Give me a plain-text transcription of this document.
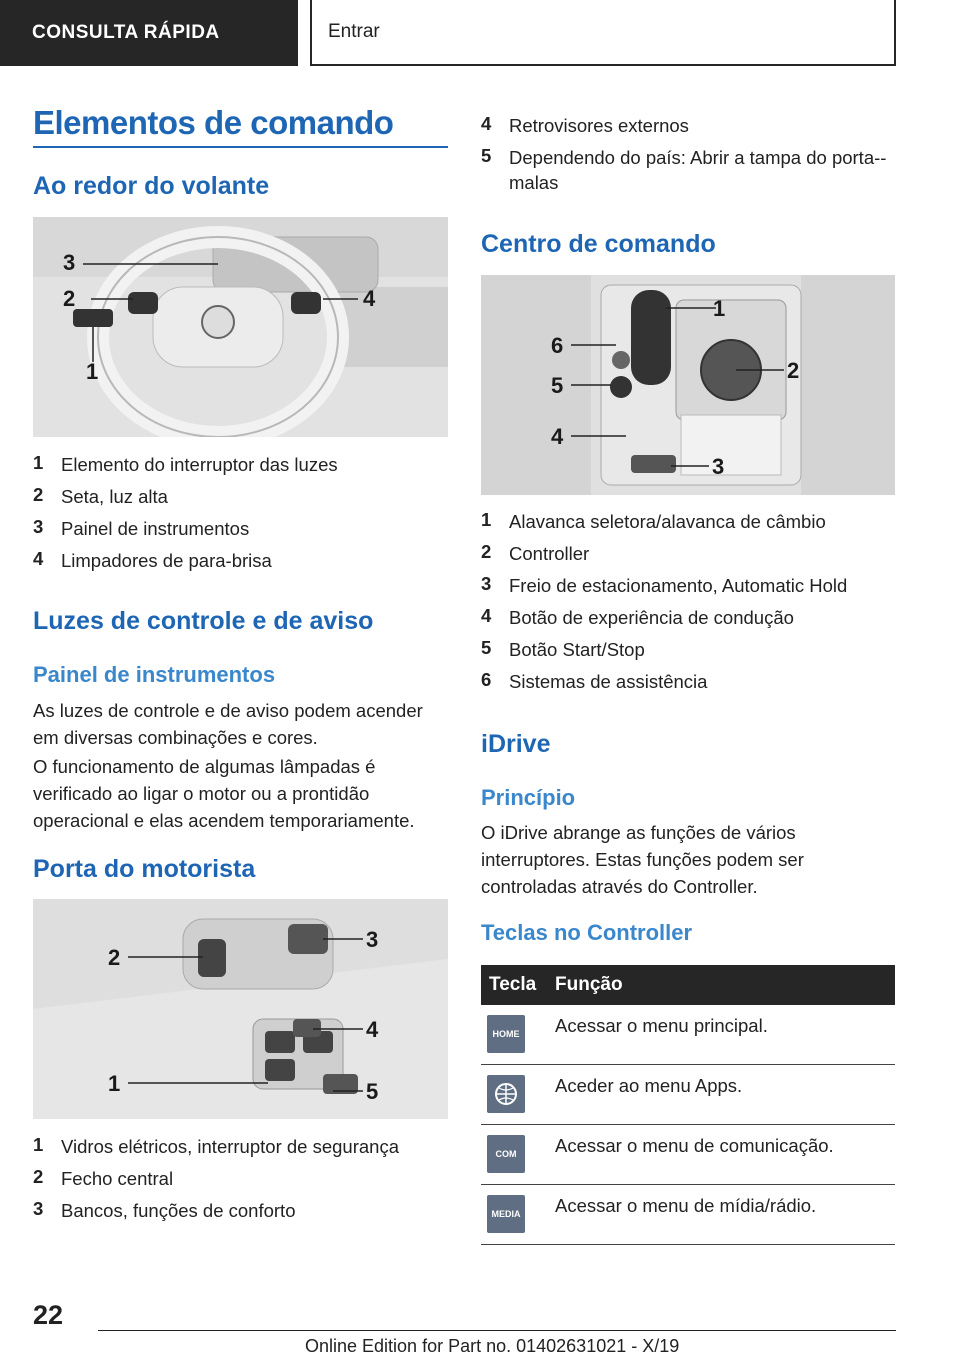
CONSULTA RÁPIDA	Entrar
Elementos de comando
Ao redor do volante
3
2	4
1
1 Elemento do interruptor das luzes
2 Seta, luz alta
3 Painel de instrumentos
4 Limpadores de para-brisa
Luzes de controle e de aviso
Painel de instrumentos

As luzes de controle e de aviso podem acender em diversas combinações e cores.

O funcionamento de algumas lâmpadas é verificado ao ligar o motor ou a prontidão operacional e elas acendem temporariamente.

Porta do motorista
2
3
4
1	5
1 Vidros elétricos, interruptor de segurança
2 Fecho central
3 Bancos, funções de conforto
4 Retrovisores externos
5 Dependendo do país: Abrir a tampa do porta--malas
Centro de comando
1
6
5
2
4
3
1 Alavanca seletora/alavanca de câmbio
2 Controller
3 Freio de estacionamento, Automatic Hold
4 Botão de experiência de condução
5 Botão Start/Stop
6 Sistemas de assistência
iDrive
Princípio

O iDrive abrange as funções de vários interruptores. Estas funções podem ser controladas através do Controller.

Teclas no Controller
Tecla	Função

HOME	Acessar o menu principal.

	Aceder ao menu Apps.

COM	Acessar o menu de comunicação.

MEDIA	Acessar o menu de mídia/rádio.
22
Online Edition for Part no. 01402631021 - X/19
